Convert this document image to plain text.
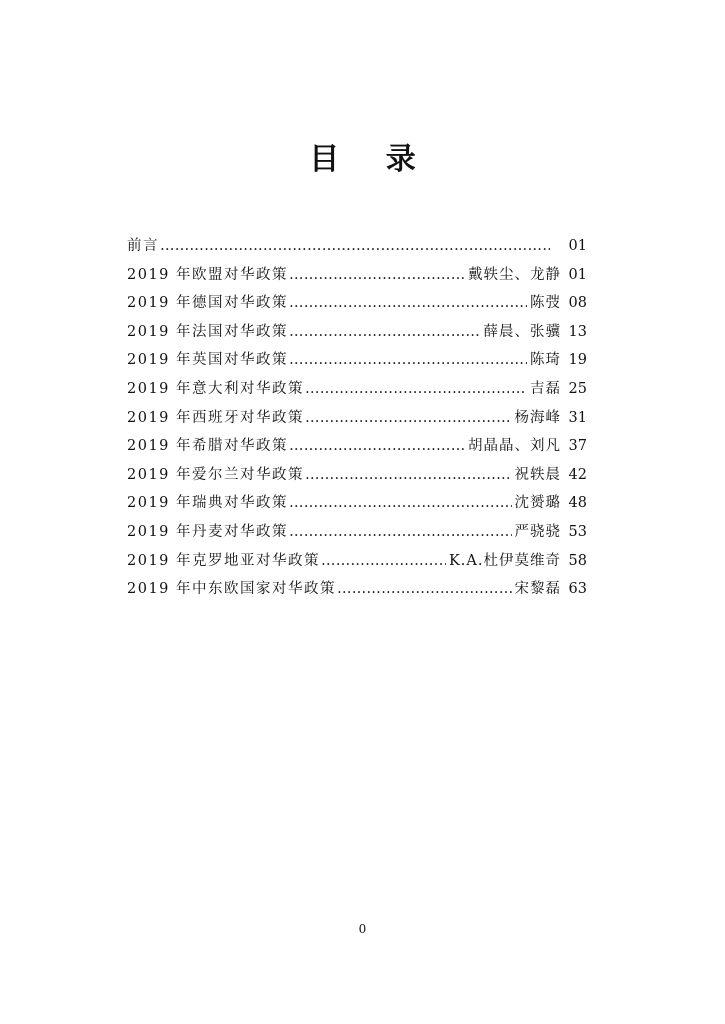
目 录
前言 ………………………………………………………………………………………………………………………………	01
2019 年欧盟对华政策 ………………………………………………………………………………………………………………………………	戴轶尘、龙静 01
2019 年德国对华政策 ………………………………………………………………………………………………………………………………	陈弢 08
2019 年法国对华政策 ………………………………………………………………………………………………………………………………	薛晨、张骥 13
2019 年英国对华政策 ………………………………………………………………………………………………………………………………	陈琦 19
2019 年意大利对华政策 ………………………………………………………………………………………………………………………………	吉磊 25
2019 年西班牙对华政策 ………………………………………………………………………………………………………………………………	杨海峰 31
2019 年希腊对华政策 ………………………………………………………………………………………………………………………………	胡晶晶、刘凡 37
2019 年爱尔兰对华政策 ………………………………………………………………………………………………………………………………	祝轶晨 42
2019 年瑞典对华政策 ………………………………………………………………………………………………………………………………	沈赟璐 48
2019 年丹麦对华政策 ………………………………………………………………………………………………………………………………	严骁骁 53
2019 年克罗地亚对华政策 ………………………………………………………………………………………………………………………………	K.A.杜伊莫维奇 58
2019 年中东欧国家对华政策 ………………………………………………………………………………………………………………………………	宋黎磊 63
0
